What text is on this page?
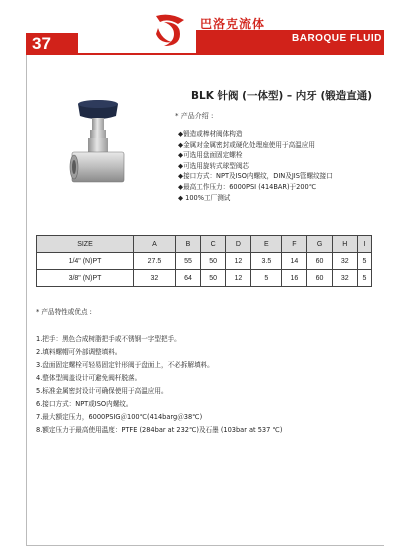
37
巴洛克流体
BAROQUE FLUID
BLK 针阀 (一体型) – 内牙 (锻造直通)
* 产品介绍 :
◆锻造或棒材阀体构造
◆金属对金属密封或硬化处理座使用于高温应用
◆可选用盘面固定螺栓
◆可选用旋转式球型阀芯
◆接口方式：NPT及ISO内螺纹，DIN及JIS管螺纹接口
◆最高工作压力：6000PSI (414BAR)于200℃
◆ 100%工厂测试
SIZE	A	B	C	D	E	F	G	H	I
1/4" (N)PT	27.5	55	50	12	3.5	14	60	32	5
3/8" (N)PT	32	64	50	12	5	16	60	32	5
* 产品特性或优点 :
1.把手：黑色合成树脂把手或不锈钢一字型把手。
2.填料螺帽可外部调整填料。
3.盘面固定螺栓可轻易固定针形阀于盘面上，不必拆解填料。
4.整体型阀盖设计可避免阀杆脱落。
5.标准金属密封设计可确保使用于高温应用。
6.接口方式：NPT或ISO内螺纹。
7.最大额定压力，6000PSIG＠100℃(414barg＠38℃)
8.额定压力于最高使用温度：PTFE (284bar at 232℃)及石墨 (103bar at 537 ℃)
